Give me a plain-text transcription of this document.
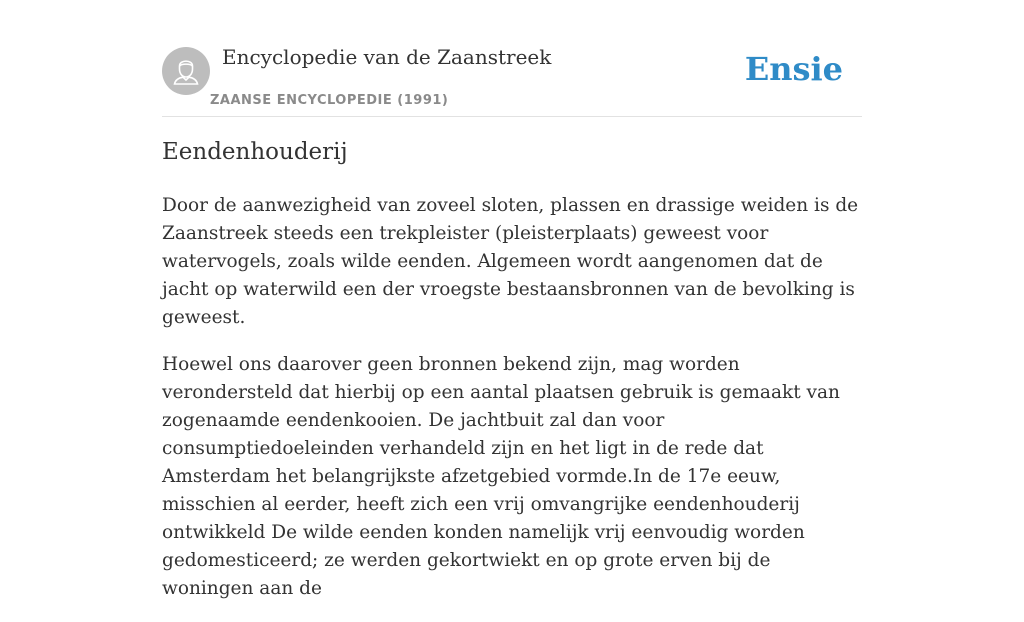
Encyclopedie van de Zaanstreek
ZAANSE ENCYCLOPEDIE (1991)
Ensie
Eendenhouderij

Door de aanwezigheid van zoveel sloten, plassen en drassige weiden is de Zaanstreek steeds een trekpleister (pleisterplaats) geweest voor watervogels, zoals wilde eenden. Algemeen wordt aangenomen dat de jacht op waterwild een der vroegste bestaansbronnen van de bevolking is geweest.

Hoewel ons daarover geen bronnen bekend zijn, mag worden verondersteld dat hierbij op een aantal plaatsen gebruik is gemaakt van zogenaamde eendenkooien. De jachtbuit zal dan voor consumptiedoeleinden verhandeld zijn en het ligt in de rede dat Amsterdam het belangrijkste afzetgebied vormde.In de 17e eeuw, misschien al eerder, heeft zich een vrij omvangrijke eendenhouderij ontwikkeld De wilde eenden konden namelijk vrij eenvoudig worden gedomesticeerd; ze werden gekortwiekt en op grote erven bij de woningen aan de
